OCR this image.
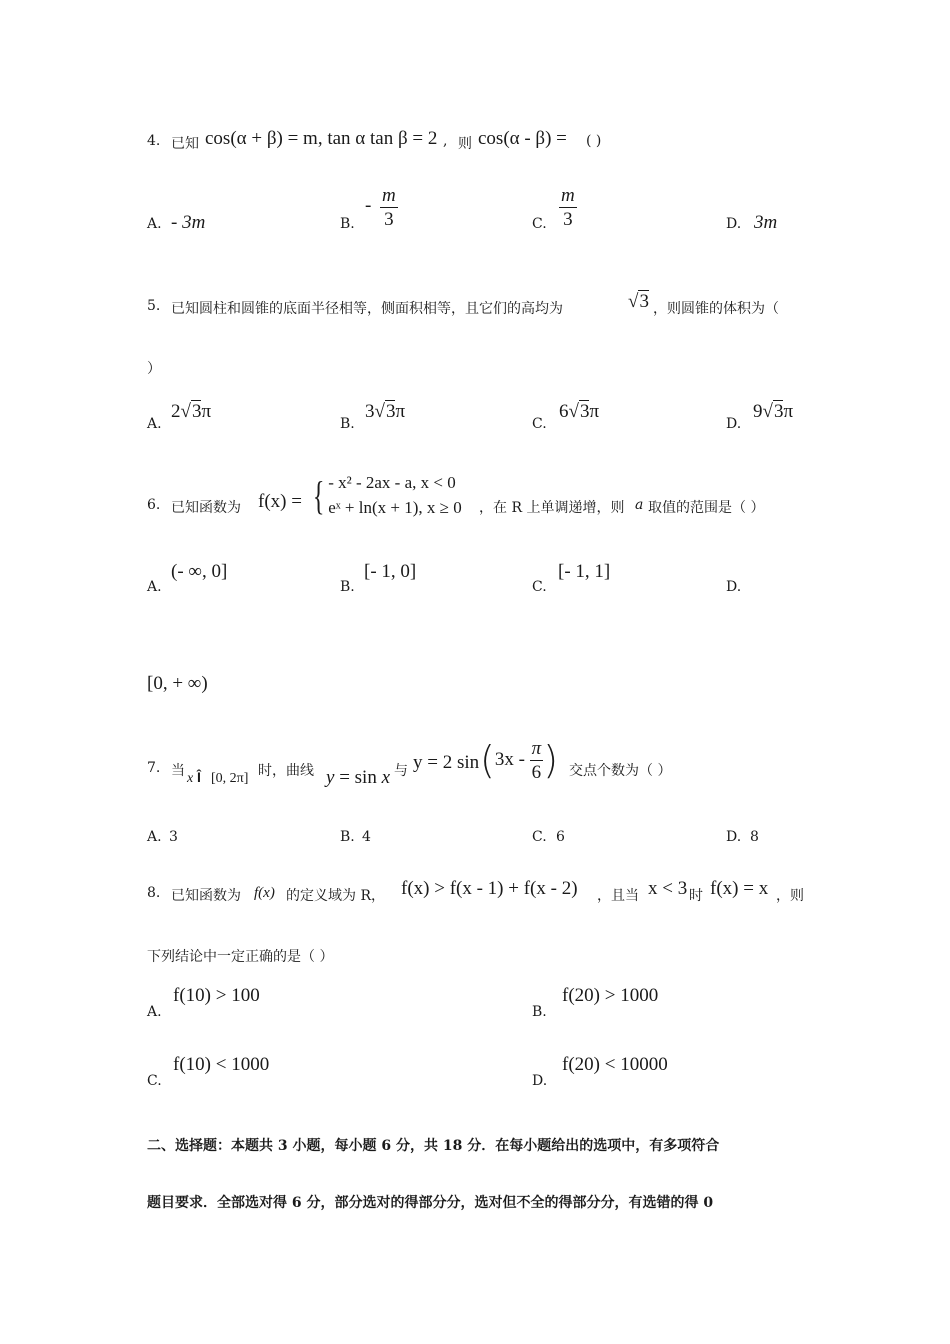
4. 已知 cos(α + β) = m, tan α tan β = 2 , 则 cos(α - β) = ( )
A. - 3m	B.
- $\frac{m}{3}$	C. $\frac{m}{3}$	D. 3m
5. 已知圆柱和圆锥的底面半径相等，侧面积相等，且它们的高均为	√3 ，则圆锥的体积为（
）
A.
2√3π
B.
3√3π
C.
6√3π
D.
9√3π
6. 已知函数为 f(x) = { - x² - 2ax - a, x < 0
eˣ + ln(x + 1), x ≥ 0 ，在 R 上单调递增，则 a 取值的范围是（ ）
A.
(- ∞, 0]
B.
[- 1, 0]
C.
[- 1, 1]
D.
[0, + ∞)
7. 当 x Î [0, 2π] 时，曲线 y = sin x 与 y = 2 $\sin (3x - \frac{\pi}{6}$ ) 交点个数为（ ）
A. 3	B. 4	C. 6	D. 8
8. 已知函数为 f(x) 的定义域为 R， f(x) > f(x - 1) + f(x - 2) ，且当 x < 3 时 f(x) = x ，则
下列结论中一定正确的是（ ）
A.
f(10) > 100
B.
f(20) > 1000
C.
f(10) < 1000
D.
f(20) < 10000
二、选择题：本题共 3 小题，每小题 6 分，共 18 分．在每小题给出的选项中，有多项符合
题目要求．全部选对得 6 分，部分选对的得部分分，选对但不全的得部分分，有选错的得 0
